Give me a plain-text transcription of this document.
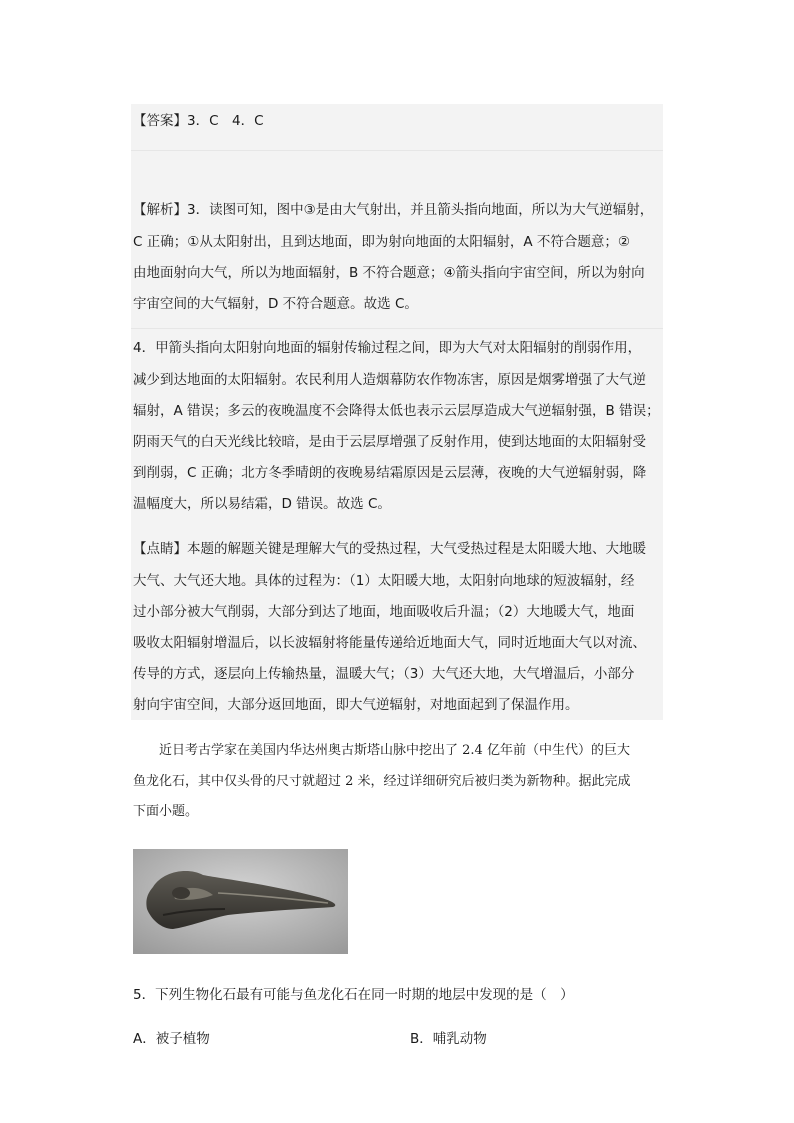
【答案】3．C　4．C
【解析】3．读图可知，图中③是由大气射出，并且箭头指向地面，所以为大气逆辐射，
C 正确；①从太阳射出，且到达地面，即为射向地面的太阳辐射，A 不符合题意；②
由地面射向大气，所以为地面辐射，B 不符合题意；④箭头指向宇宙空间，所以为射向
宇宙空间的大气辐射，D 不符合题意。故选 C。
4．甲箭头指向太阳射向地面的辐射传输过程之间，即为大气对太阳辐射的削弱作用，
减少到达地面的太阳辐射。农民利用人造烟幕防农作物冻害，原因是烟雾增强了大气逆
辐射，A 错误；多云的夜晚温度不会降得太低也表示云层厚造成大气逆辐射强，B 错误；
阴雨天气的白天光线比较暗，是由于云层厚增强了反射作用，使到达地面的太阳辐射受
到削弱，C 正确；北方冬季晴朗的夜晚易结霜原因是云层薄，夜晚的大气逆辐射弱，降
温幅度大，所以易结霜，D 错误。故选 C。
【点睛】本题的解题关键是理解大气的受热过程，大气受热过程是太阳暖大地、大地暖
大气、大气还大地。具体的过程为：（1）太阳暖大地，太阳射向地球的短波辐射，经
过小部分被大气削弱，大部分到达了地面，地面吸收后升温；（2）大地暖大气，地面
吸收太阳辐射增温后，以长波辐射将能量传递给近地面大气，同时近地面大气以对流、
传导的方式，逐层向上传输热量，温暖大气；（3）大气还大地，大气增温后，小部分
射向宇宙空间，大部分返回地面，即大气逆辐射，对地面起到了保温作用。
　　近日考古学家在美国内华达州奥古斯塔山脉中挖出了 2.4 亿年前（中生代）的巨大
鱼龙化石，其中仅头骨的尺寸就超过 2 米，经过详细研究后被归类为新物种。据此完成
下面小题。
5．下列生物化石最有可能与鱼龙化石在同一时期的地层中发现的是（　）
A．被子植物	B．哺乳动物
